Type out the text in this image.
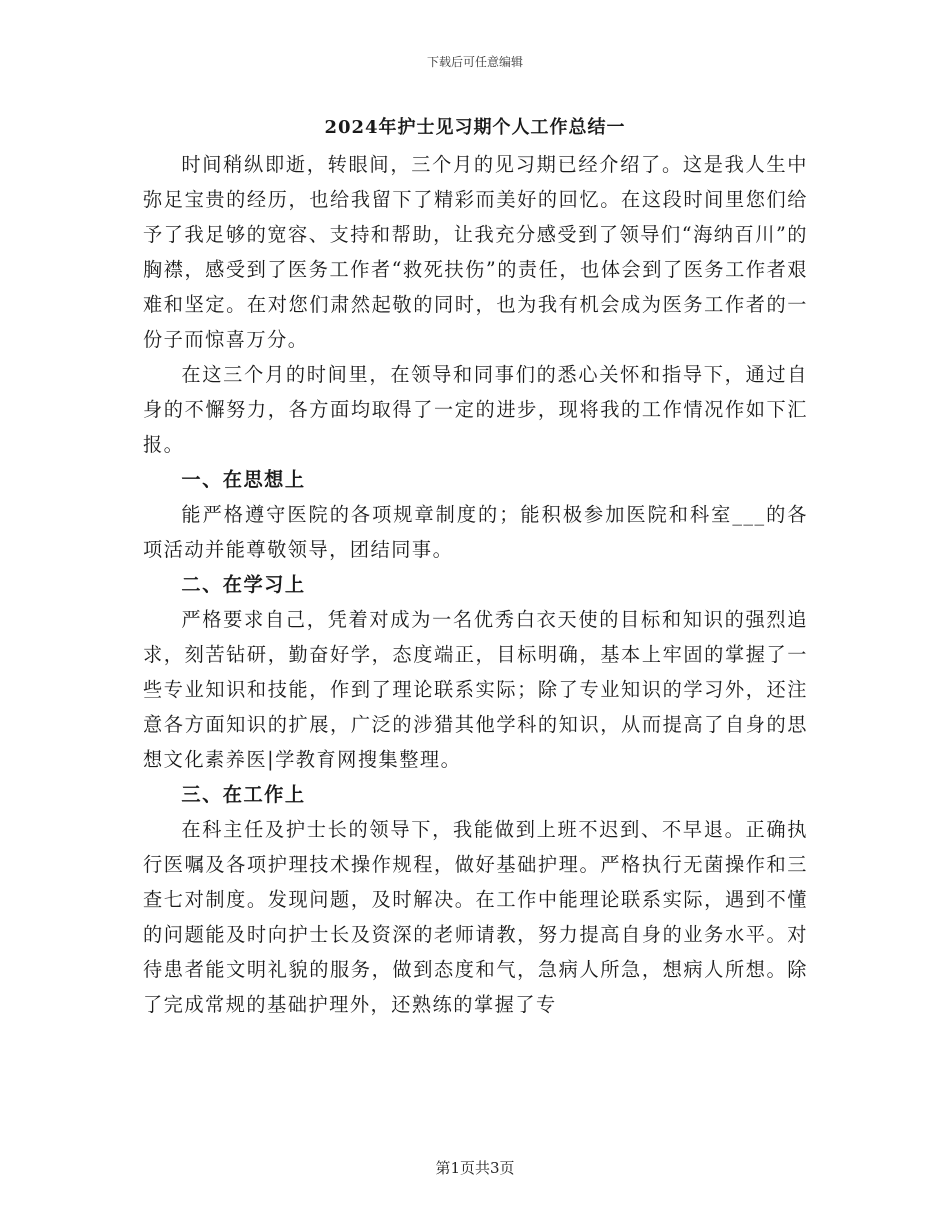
下载后可任意编辑
2024年护士见习期个人工作总结一

时间稍纵即逝，转眼间，三个月的见习期已经介绍了。这是我人生中弥足宝贵的经历，也给我留下了精彩而美好的回忆。在这段时间里您们给予了我足够的宽容、支持和帮助，让我充分感受到了领导们“海纳百川”的胸襟，感受到了医务工作者“救死扶伤”的责任，也体会到了医务工作者艰难和坚定。在对您们肃然起敬的同时，也为我有机会成为医务工作者的一份子而惊喜万分。

在这三个月的时间里，在领导和同事们的悉心关怀和指导下，通过自身的不懈努力，各方面均取得了一定的进步，现将我的工作情况作如下汇报。

一、在思想上

能严格遵守医院的各项规章制度的；能积极参加医院和科室___的各项活动并能尊敬领导，团结同事。

二、在学习上

严格要求自己，凭着对成为一名优秀白衣天使的目标和知识的强烈追求，刻苦钻研，勤奋好学，态度端正，目标明确，基本上牢固的掌握了一些专业知识和技能，作到了理论联系实际；除了专业知识的学习外，还注意各方面知识的扩展，广泛的涉猎其他学科的知识，从而提高了自身的思想文化素养医|学教育网搜集整理。

三、在工作上

在科主任及护士长的领导下，我能做到上班不迟到、不早退。正确执行医嘱及各项护理技术操作规程，做好基础护理。严格执行无菌操作和三查七对制度。发现问题，及时解决。在工作中能理论联系实际，遇到不懂的问题能及时向护士长及资深的老师请教，努力提高自身的业务水平。对待患者能文明礼貌的服务，做到态度和气，急病人所急，想病人所想。除了完成常规的基础护理外，还熟练的掌握了专

第1页共3页
